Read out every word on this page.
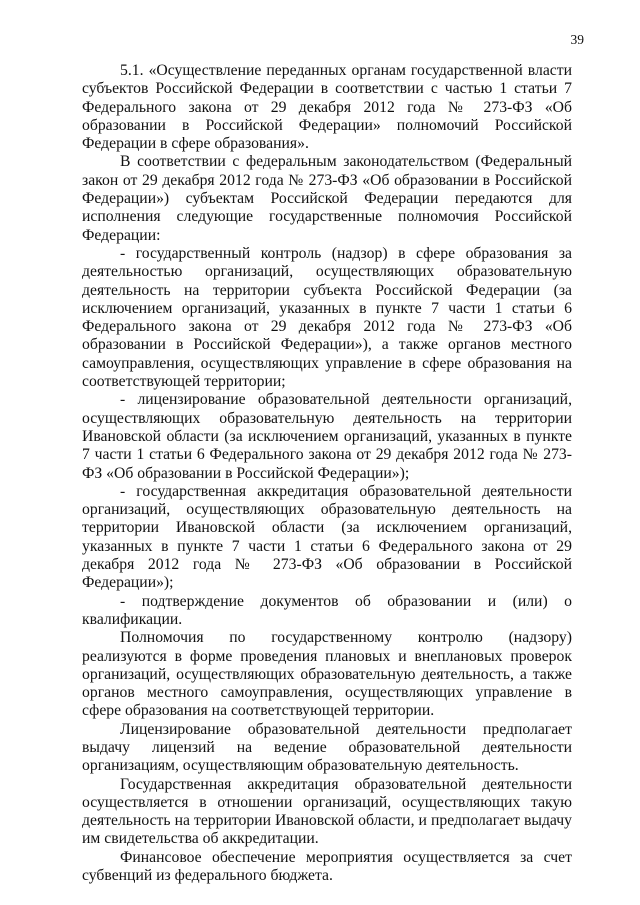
39

5.1. «Осуществление переданных органам государственной власти субъектов Российской Федерации в соответствии с частью 1 статьи 7 Федерального закона от 29 декабря 2012 года № 273-ФЗ «Об образовании в Российской Федерации» полномочий Российской Федерации в сфере образования».

В соответствии с федеральным законодательством (Федеральный закон от 29 декабря 2012 года № 273-ФЗ «Об образовании в Российской Федерации») субъектам Российской Федерации передаются для исполнения следующие государственные полномочия Российской Федерации:

- государственный контроль (надзор) в сфере образования за деятельностью организаций, осуществляющих образовательную деятельность на территории субъекта Российской Федерации (за исключением организаций, указанных в пункте 7 части 1 статьи 6 Федерального закона от 29 декабря 2012 года № 273-ФЗ «Об образовании в Российской Федерации»), а также органов местного самоуправления, осуществляющих управление в сфере образования на соответствующей территории;

- лицензирование образовательной деятельности организаций, осуществляющих образовательную деятельность на территории Ивановской области (за исключением организаций, указанных в пункте 7 части 1 статьи 6 Федерального закона от 29 декабря 2012 года № 273-ФЗ «Об образовании в Российской Федерации»);

- государственная аккредитация образовательной деятельности организаций, осуществляющих образовательную деятельность на территории Ивановской области (за исключением организаций, указанных в пункте 7 части 1 статьи 6 Федерального закона от 29 декабря 2012 года № 273-ФЗ «Об образовании в Российской Федерации»);

- подтверждение документов об образовании и (или) о квалификации.

Полномочия по государственному контролю (надзору) реализуются в форме проведения плановых и внеплановых проверок организаций, осуществляющих образовательную деятельность, а также органов местного самоуправления, осуществляющих управление в сфере образования на соответствующей территории.

Лицензирование образовательной деятельности предполагает выдачу лицензий на ведение образовательной деятельности организациям, осуществляющим образовательную деятельность.

Государственная аккредитация образовательной деятельности осуществляется в отношении организаций, осуществляющих такую деятельность на территории Ивановской области, и предполагает выдачу им свидетельства об аккредитации.

Финансовое обеспечение мероприятия осуществляется за счет субвенций из федерального бюджета.
